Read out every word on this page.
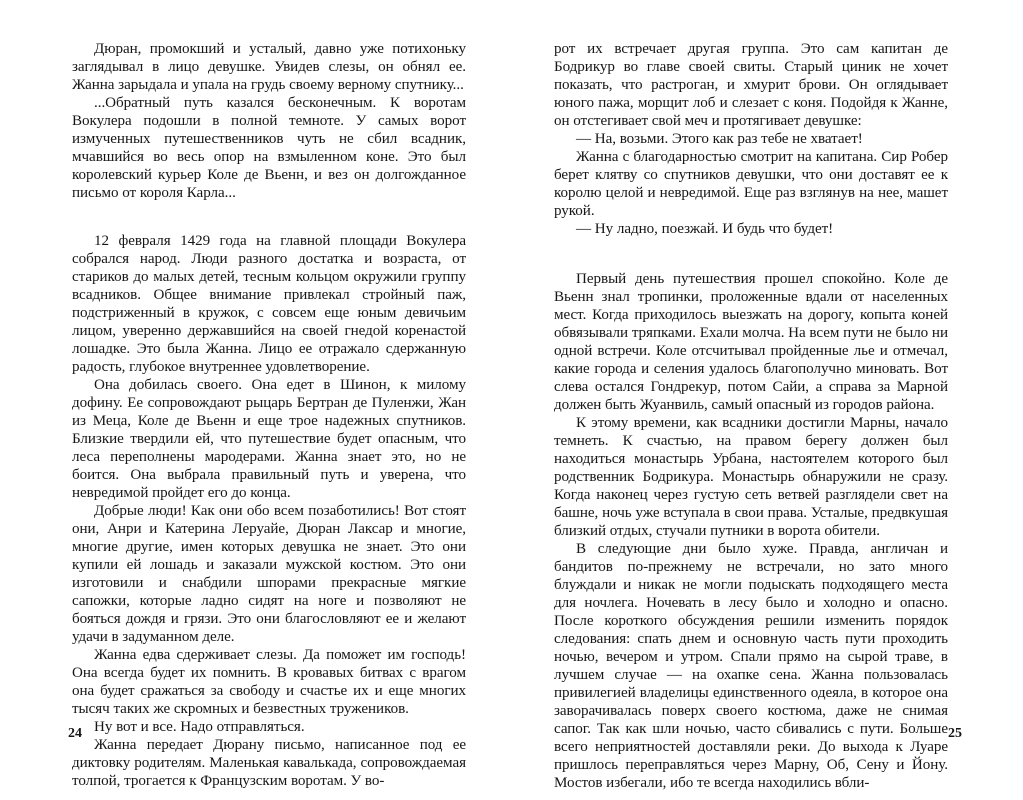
Дюран, промокший и усталый, давно уже потихоньку заглядывал в лицо девушке. Увидев слезы, он обнял ее. Жанна зарыдала и упала на грудь своему верному спутнику...

...Обратный путь казался бесконечным. К воротам Вокулера подошли в полной темноте. У самых ворот измученных путешественников чуть не сбил всадник, мчавшийся во весь опор на взмыленном коне. Это был королевский курьер Коле де Вьенн, и вез он долгожданное письмо от короля Карла...

12 февраля 1429 года на главной площади Вокулера собрался народ. Люди разного достатка и возраста, от стариков до малых детей, тесным кольцом окружили группу всадников. Общее внимание привлекал стройный паж, подстриженный в кружок, с совсем еще юным девичьим лицом, уверенно державшийся на своей гнедой коренастой лошадке. Это была Жанна. Лицо ее отражало сдержанную радость, глубокое внутреннее удовлетворение.

Она добилась своего. Она едет в Шинон, к милому дофину. Ее сопровождают рыцарь Бертран де Пуленжи, Жан из Меца, Коле де Вьенн и еще трое надежных спутников. Близкие твердили ей, что путешествие будет опасным, что леса переполнены мародерами. Жанна знает это, но не боится. Она выбрала правильный путь и уверена, что невредимой пройдет его до конца.

Добрые люди! Как они обо всем позаботились! Вот стоят они, Анри и Катерина Леруайе, Дюран Лаксар и многие, многие другие, имен которых девушка не знает. Это они купили ей лошадь и заказали мужской костюм. Это они изготовили и снабдили шпорами прекрасные мягкие сапожки, которые ладно сидят на ноге и позволяют не бояться дождя и грязи. Это они благословляют ее и желают удачи в задуманном деле.

Жанна едва сдерживает слезы. Да поможет им господь! Она всегда будет их помнить. В кровавых битвах с врагом она будет сражаться за свободу и счастье их и еще многих тысяч таких же скромных и безвестных тружеников.

Ну вот и все. Надо отправляться.

Жанна передает Дюрану письмо, написанное под ее диктовку родителям. Маленькая кавалькада, сопровождаемая толпой, трогается к Французским воротам. У во-

рот их встречает другая группа. Это сам капитан де Бодрикур во главе своей свиты. Старый циник не хочет показать, что растроган, и хмурит брови. Он оглядывает юного пажа, морщит лоб и слезает с коня. Подойдя к Жанне, он отстегивает свой меч и протягивает девушке:

— На, возьми. Этого как раз тебе не хватает!

Жанна с благодарностью смотрит на капитана. Сир Робер берет клятву со спутников девушки, что они доставят ее к королю целой и невредимой. Еще раз взглянув на нее, машет рукой.

— Ну ладно, поезжай. И будь что будет!

Первый день путешествия прошел спокойно. Коле де Вьенн знал тропинки, проложенные вдали от населенных мест. Когда приходилось выезжать на дорогу, копыта коней обвязывали тряпками. Ехали молча. На всем пути не было ни одной встречи. Коле отсчитывал пройденные лье и отмечал, какие города и селения удалось благополучно миновать. Вот слева остался Гондрекур, потом Сайи, а справа за Марной должен быть Жуанвиль, самый опасный из городов района.

К этому времени, как всадники достигли Марны, начало темнеть. К счастью, на правом берегу должен был находиться монастырь Урбана, настоятелем которого был родственник Бодрикура. Монастырь обнаружили не сразу. Когда наконец через густую сеть ветвей разглядели свет на башне, ночь уже вступала в свои права. Усталые, предвкушая близкий отдых, стучали путники в ворота обители.

В следующие дни было хуже. Правда, англичан и бандитов по-прежнему не встречали, но зато много блуждали и никак не могли подыскать подходящего места для ночлега. Ночевать в лесу было и холодно и опасно. После короткого обсуждения решили изменить порядок следования: спать днем и основную часть пути проходить ночью, вечером и утром. Спали прямо на сырой траве, в лучшем случае — на охапке сена. Жанна пользовалась привилегией владелицы единственного одеяла, в которое она заворачивалась поверх своего костюма, даже не снимая сапог. Так как шли ночью, часто сбивались с пути. Больше всего неприятностей доставляли реки. До выхода к Луаре пришлось переправляться через Марну, Об, Сену и Йону. Мостов избегали, ибо те всегда находились вбли-

24	25
